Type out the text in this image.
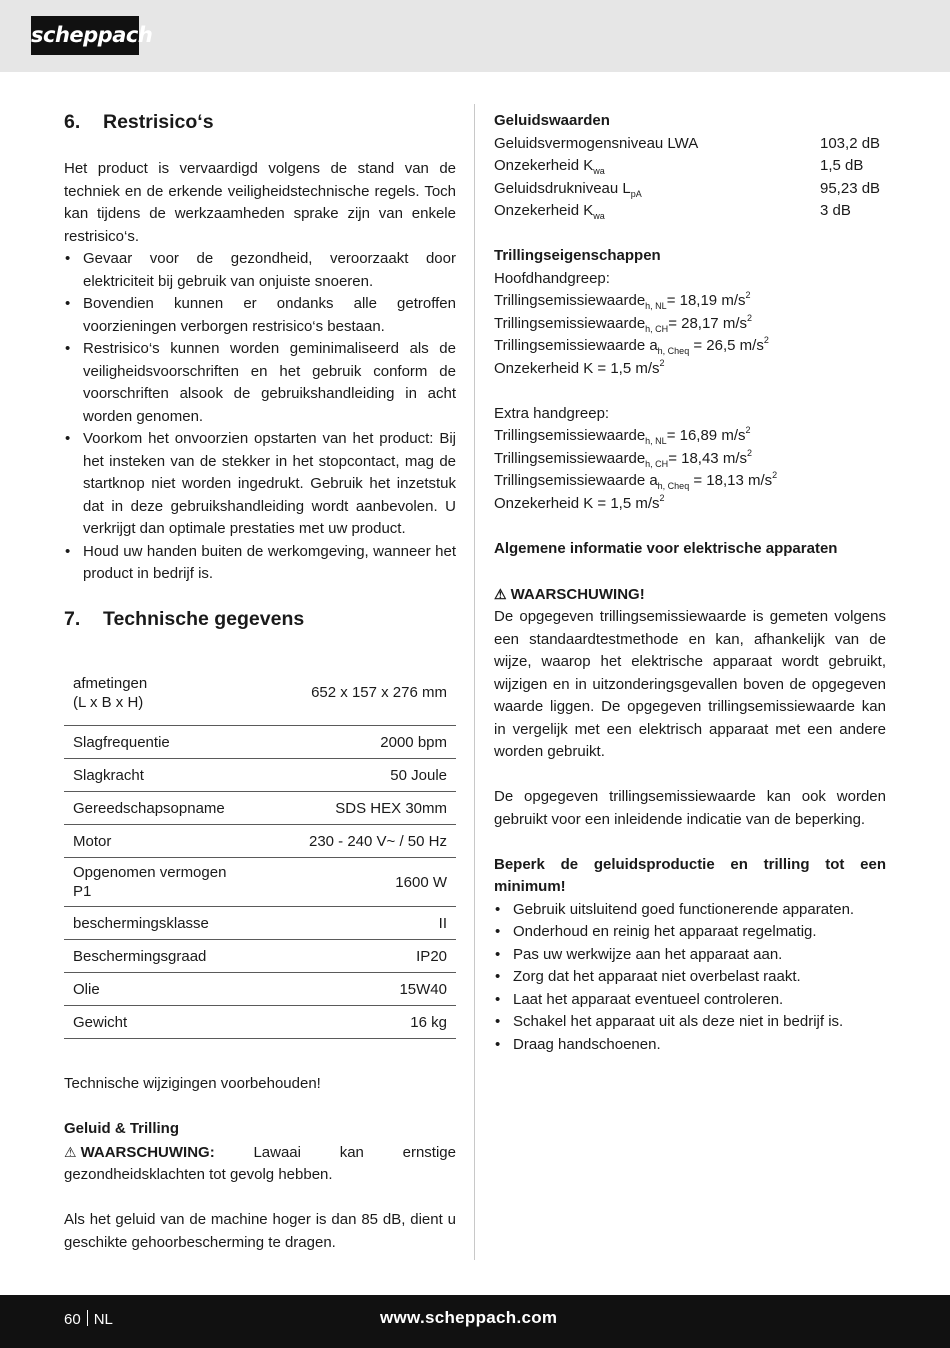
scheppach
6. Restrisico‘s

Het product is vervaardigd volgens de stand van de techniek en de erkende veiligheidstechnische regels. Toch kan tijdens de werkzaamheden sprake zijn van enkele restrisico‘s.

• Gevaar voor de gezondheid, veroorzaakt door elektriciteit bij gebruik van onjuiste snoeren.
• Bovendien kunnen er ondanks alle getroffen voorzieningen verborgen restrisico‘s bestaan.
• Restrisico‘s kunnen worden geminimaliseerd als de veiligheidsvoorschriften en het gebruik conform de voorschriften alsook de gebruikshandleiding in acht worden genomen.
• Voorkom het onvoorzien opstarten van het product: Bij het insteken van de stekker in het stopcontact, mag de startknop niet worden ingedrukt. Gebruik het inzetstuk dat in deze gebruikshandleiding wordt aanbevolen. U verkrijgt dan optimale prestaties met uw product.
• Houd uw handen buiten de werkomgeving, wanneer het product in bedrijf is.
7. Technische gegevens
afmetingen
(L x B x H)	652 x 157 x 276 mm
Slagfrequentie	2000 bpm
Slagkracht	50 Joule
Gereedschapsopname	SDS HEX 30mm
Motor	230 - 240 V~ / 50 Hz
Opgenomen vermogen
P1	1600 W
beschermingsklasse	II
Beschermingsgraad	IP20
Olie	15W40
Gewicht	16 kg

Technische wijzigingen voorbehouden!

Geluid & Trilling

⚠ WAARSCHUWING: Lawaai kan ernstige gezondheidsklachten tot gevolg hebben.

Als het geluid van de machine hoger is dan 85 dB, dient u geschikte gehoorbescherming te dragen.

Geluidswaarden

Geluidsvermogensniveau LWA	103,2 dB
Onzekerheid $K_{wa}$	1,5 dB
Geluidsdrukniveau $L_{pA}$	95,23 dB
Onzekerheid $K_{wa}$	3 dB

Trillingseigenschappen

Hoofdhandgreep:

Trillingsemissiewaarde$_{h, NL}$= 18,19 $m/s^2$

Trillingsemissiewaarde$_{h, CH}$= 28,17 $m/s^2$

Trillingsemissiewaarde $a_{h, Cheq} = 26,5$ $m/s^2$

Onzekerheid K = 1,5 $m/s^2$

Extra handgreep:

Trillingsemissiewaarde$_{h, NL}$= 16,89 $m/s^2$

Trillingsemissiewaarde$_{h, CH}$= 18,43 $m/s^2$

Trillingsemissiewaarde $a_{h, Cheq} = 18,13$ $m/s^2$

Onzekerheid K = 1,5 $m/s^2$

Algemene informatie voor elektrische apparaten

⚠ WAARSCHUWING!

De opgegeven trillingsemissiewaarde is gemeten volgens een standaardtestmethode en kan, afhankelijk van de wijze, waarop het elektrische apparaat wordt gebruikt, wijzigen en in uitzonderingsgevallen boven de opgegeven waarde liggen. De opgegeven trillingsemissiewaarde kan in vergelijk met een elektrisch apparaat met een andere worden gebruikt.

De opgegeven trillingsemissiewaarde kan ook worden gebruikt voor een inleidende indicatie van de beperking.

Beperk de geluidsproductie en trilling tot een minimum!

• Gebruik uitsluitend goed functionerende apparaten.
• Onderhoud en reinig het apparaat regelmatig.
• Pas uw werkwijze aan het apparaat aan.
• Zorg dat het apparaat niet overbelast raakt.
• Laat het apparaat eventueel controleren.
• Schakel het apparaat uit als deze niet in bedrijf is.
• Draag handschoenen.
60 NL	www.scheppach.com
